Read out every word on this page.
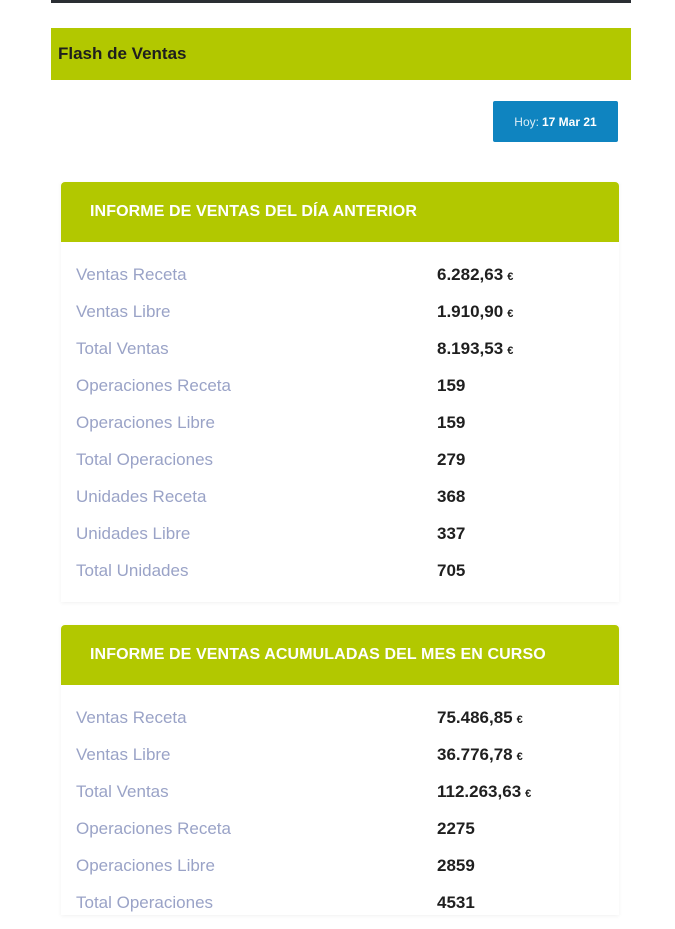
Flash de Ventas
Hoy: 17 Mar 21
INFORME DE VENTAS DEL DÍA ANTERIOR
Ventas Receta	6.282,63 €
Ventas Libre	1.910,90 €
Total Ventas	8.193,53 €
Operaciones Receta	159
Operaciones Libre	159
Total Operaciones	279
Unidades Receta	368
Unidades Libre	337
Total Unidades	705
INFORME DE VENTAS ACUMULADAS DEL MES EN CURSO
Ventas Receta	75.486,85 €
Ventas Libre	36.776,78 €
Total Ventas	112.263,63 €
Operaciones Receta	2275
Operaciones Libre	2859
Total Operaciones	4531
